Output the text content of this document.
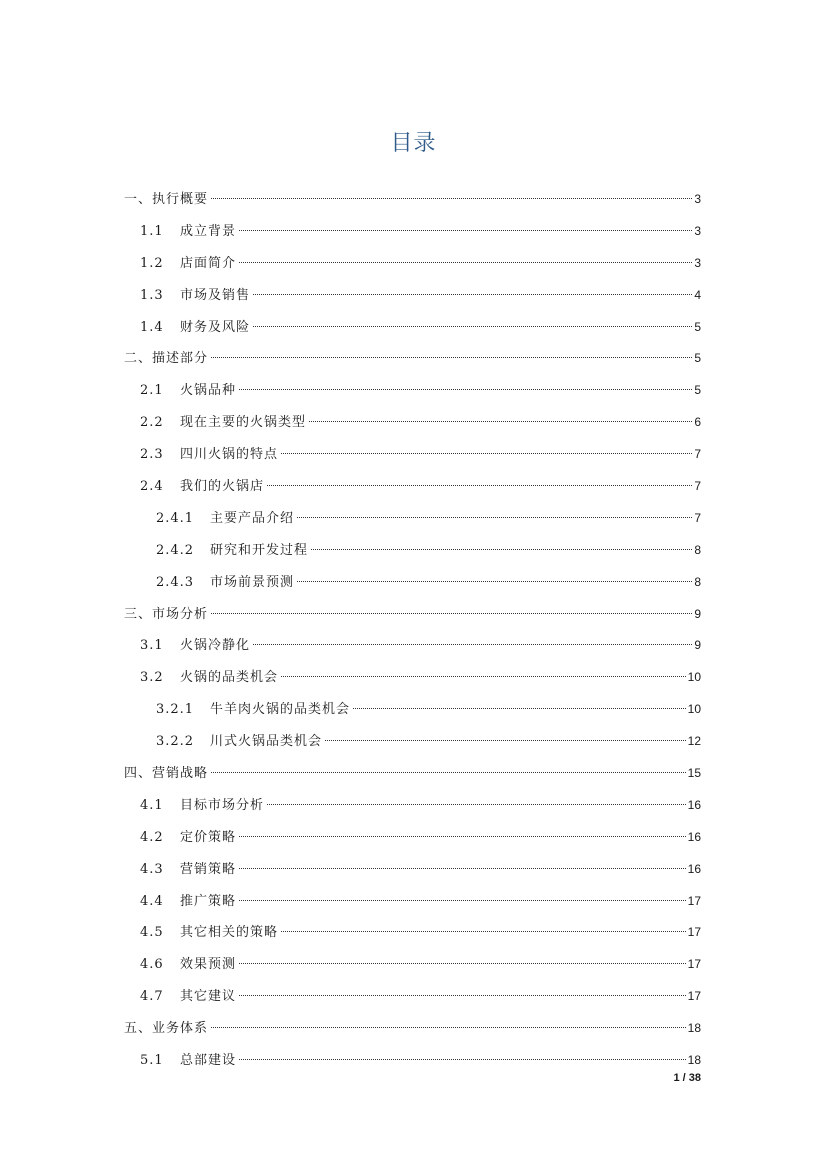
目录
一、执行概要	3
1.1	成立背景	3
1.2	店面简介	3
1.3	市场及销售	4
1.4	财务及风险	5
二、描述部分	5
2.1	火锅品种	5
2.2	现在主要的火锅类型	6
2.3	四川火锅的特点	7
2.4	我们的火锅店	7
2.4.1	主要产品介绍	7
2.4.2	研究和开发过程	8
2.4.3	市场前景预测	8
三、市场分析	9
3.1	火锅冷静化	9
3.2	火锅的品类机会	10
3.2.1	牛羊肉火锅的品类机会	10
3.2.2	川式火锅品类机会	12
四、营销战略	15
4.1	目标市场分析	16
4.2	定价策略	16
4.3	营销策略	16
4.4	推广策略	17
4.5	其它相关的策略	17
4.6	效果预测	17
4.7	其它建议	17
五、业务体系	18
5.1	总部建设	18
1 / 38
